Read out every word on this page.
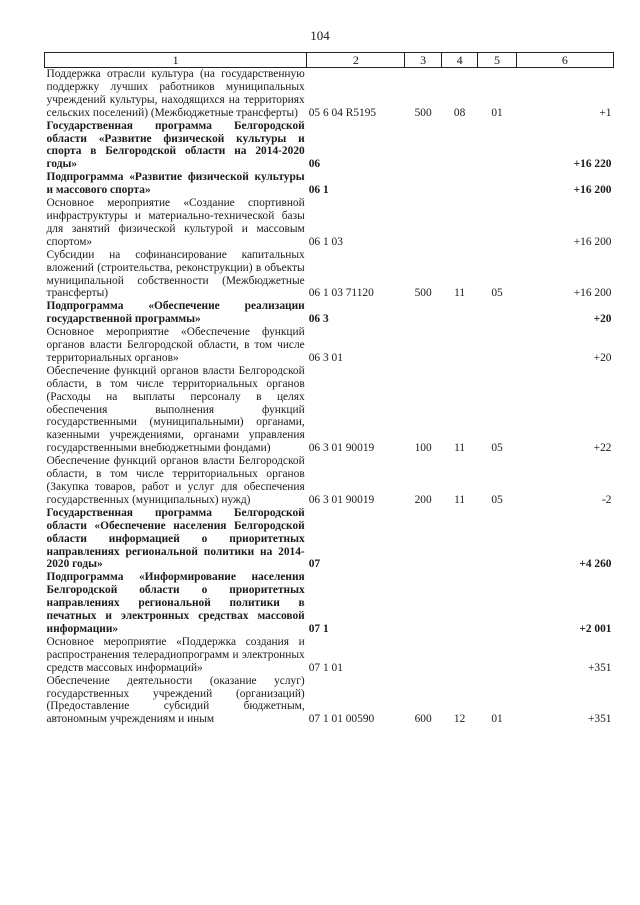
104
1	2	3	4	5	6
Поддержка отрасли культура (на государственную поддержку лучших работников муниципальных учреждений культуры, находящихся на территориях сельских поселений) (Межбюджетные трансферты)	05 6 04 R5195	500	08	01	+1
Государственная программа Белгородской области «Развитие физической культуры и спорта в Белгородской области на 2014-2020 годы»	06				+16 220
Подпрограмма «Развитие физической культуры и массового спорта»	06 1				+16 200
Основное мероприятие «Создание спортивной инфраструктуры и материально-технической базы для занятий физической культурой и массовым спортом»	06 1 03				+16 200
Субсидии на софинансирование капитальных вложений (строительства, реконструкции) в объекты муниципальной собственности (Межбюджетные трансферты)	06 1 03 71120	500	11	05	+16 200
Подпрограмма «Обеспечение реализации государственной программы»	06 3				+20
Основное мероприятие «Обеспечение функций органов власти Белгородской области, в том числе территориальных органов»	06 3 01				+20
Обеспечение функций органов власти Белгородской области, в том числе территориальных органов (Расходы на выплаты персоналу в целях обеспечения выполнения функций государственными (муниципальными) органами, казенными учреждениями, органами управления государственными внебюджетными фондами)	06 3 01 90019	100	11	05	+22
Обеспечение функций органов власти Белгородской области, в том числе территориальных органов (Закупка товаров, работ и услуг для обеспечения государственных (муниципальных) нужд)	06 3 01 90019	200	11	05	-2
Государственная программа Белгородской области «Обеспечение населения Белгородской области информацией о приоритетных направлениях региональной политики на 2014-2020 годы»	07				+4 260
Подпрограмма «Информирование населения Белгородской области о приоритетных направлениях региональной политики в печатных и электронных средствах массовой информации»	07 1				+2 001
Основное мероприятие «Поддержка создания и распространения телерадиопрограмм и электронных средств массовых информаций»	07 1 01				+351
Обеспечение деятельности (оказание услуг) государственных учреждений (организаций) (Предоставление субсидий бюджетным, автономным учреждениям и иным	07 1 01 00590	600	12	01	+351
